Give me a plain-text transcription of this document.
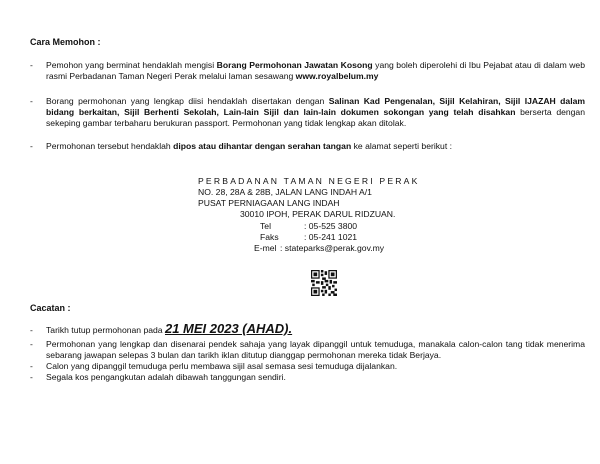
Cara Memohon :
- Pemohon yang berminat hendaklah mengisi Borang Permohonan Jawatan Kosong yang boleh diperolehi di Ibu Pejabat atau di dalam web rasmi Perbadanan Taman Negeri Perak melalui laman sesawang www.royalbelum.my
- Borang permohonan yang lengkap diisi hendaklah disertakan dengan Salinan Kad Pengenalan, Sijil Kelahiran, Sijil IJAZAH dalam bidang berkaitan, Sijil Berhenti Sekolah, Lain-lain Sijil dan lain-lain dokumen sokongan yang telah disahkan berserta dengan sekeping gambar terbaharu berukuran passport. Permohonan yang tidak lengkap akan ditolak.
- Permohonan tersebut hendaklah dipos atau dihantar dengan serahan tangan ke alamat seperti berikut :
PERBADANAN TAMAN NEGERI PERAK
NO. 28, 28A & 28B, JALAN LANG INDAH A/1
PUSAT PERNIAGAAN LANG INDAH
30010 IPOH, PERAK DARUL RIDZUAN.
Tel	: 05-525 3800
Faks	: 05-241 1021
E-mel : stateparks@perak.gov.my
Cacatan :
- Tarikh tutup permohonan pada 21 MEI 2023 (AHAD).
- Permohonan yang lengkap dan disenarai pendek sahaja yang layak dipanggil untuk temuduga, manakala calon-calon tang tidak menerima sebarang jawapan selepas 3 bulan dan tarikh iklan ditutup dianggap permohonan mereka tidak Berjaya.
- Calon yang dipanggil temuduga perlu membawa sijil asal semasa sesi temuduga dijalankan.
- Segala kos pengangkutan adalah dibawah tanggungan sendiri.
